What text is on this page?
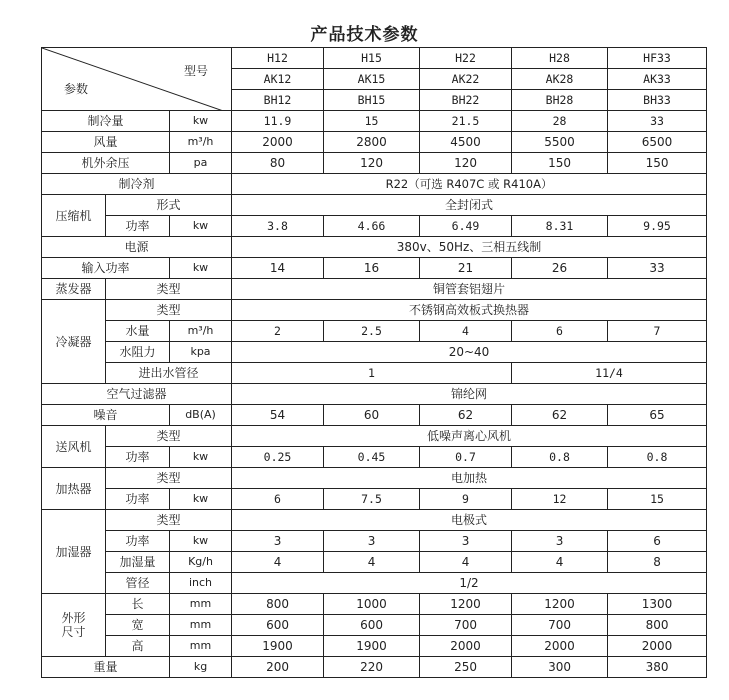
产品技术参数
型号
参数			H12	H15	H22	H28	HF33
			AK12	AK15	AK22	AK28	AK33
			BH12	BH15	BH22	BH28	BH33
制冷量		kw	11.9	15	21.5	28	33
风量		m³/h	2000	2800	4500	5500	6500
机外余压		pa	80	120	120	150	150
制冷剂			R22（可选 R407C 或 R410A）				
压缩机	形式		全封闭式				
	功率	kw	3.8	4.66	6.49	8.31	9.95
电源			380v、50Hz、三相五线制				
输入功率		kw	14	16	21	26	33
蒸发器	类型		铜管套铝翅片				
冷凝器	类型		不锈钢高效板式换热器				
	水量	m³/h	2	2.5	4	6	7
	水阻力	kpa	20~40				
	进出水管径		1			11/4	
空气过滤器			锦纶网				
噪音		dB(A)	54	60	62	62	65
送风机	类型		低噪声离心风机				
	功率	kw	0.25	0.45	0.7	0.8	0.8
加热器	类型		电加热				
	功率	kw	6	7.5	9	12	15
加湿器	类型		电极式				
	功率	kw	3	3	3	3	6
	加湿量	Kg/h	4	4	4	4	8
	管径	inch	1/2				
外形
尺寸	长	mm	800	1000	1200	1200	1300
	宽	mm	600	600	700	700	800
	高	mm	1900	1900	2000	2000	2000
重量		kg	200	220	250	300	380
